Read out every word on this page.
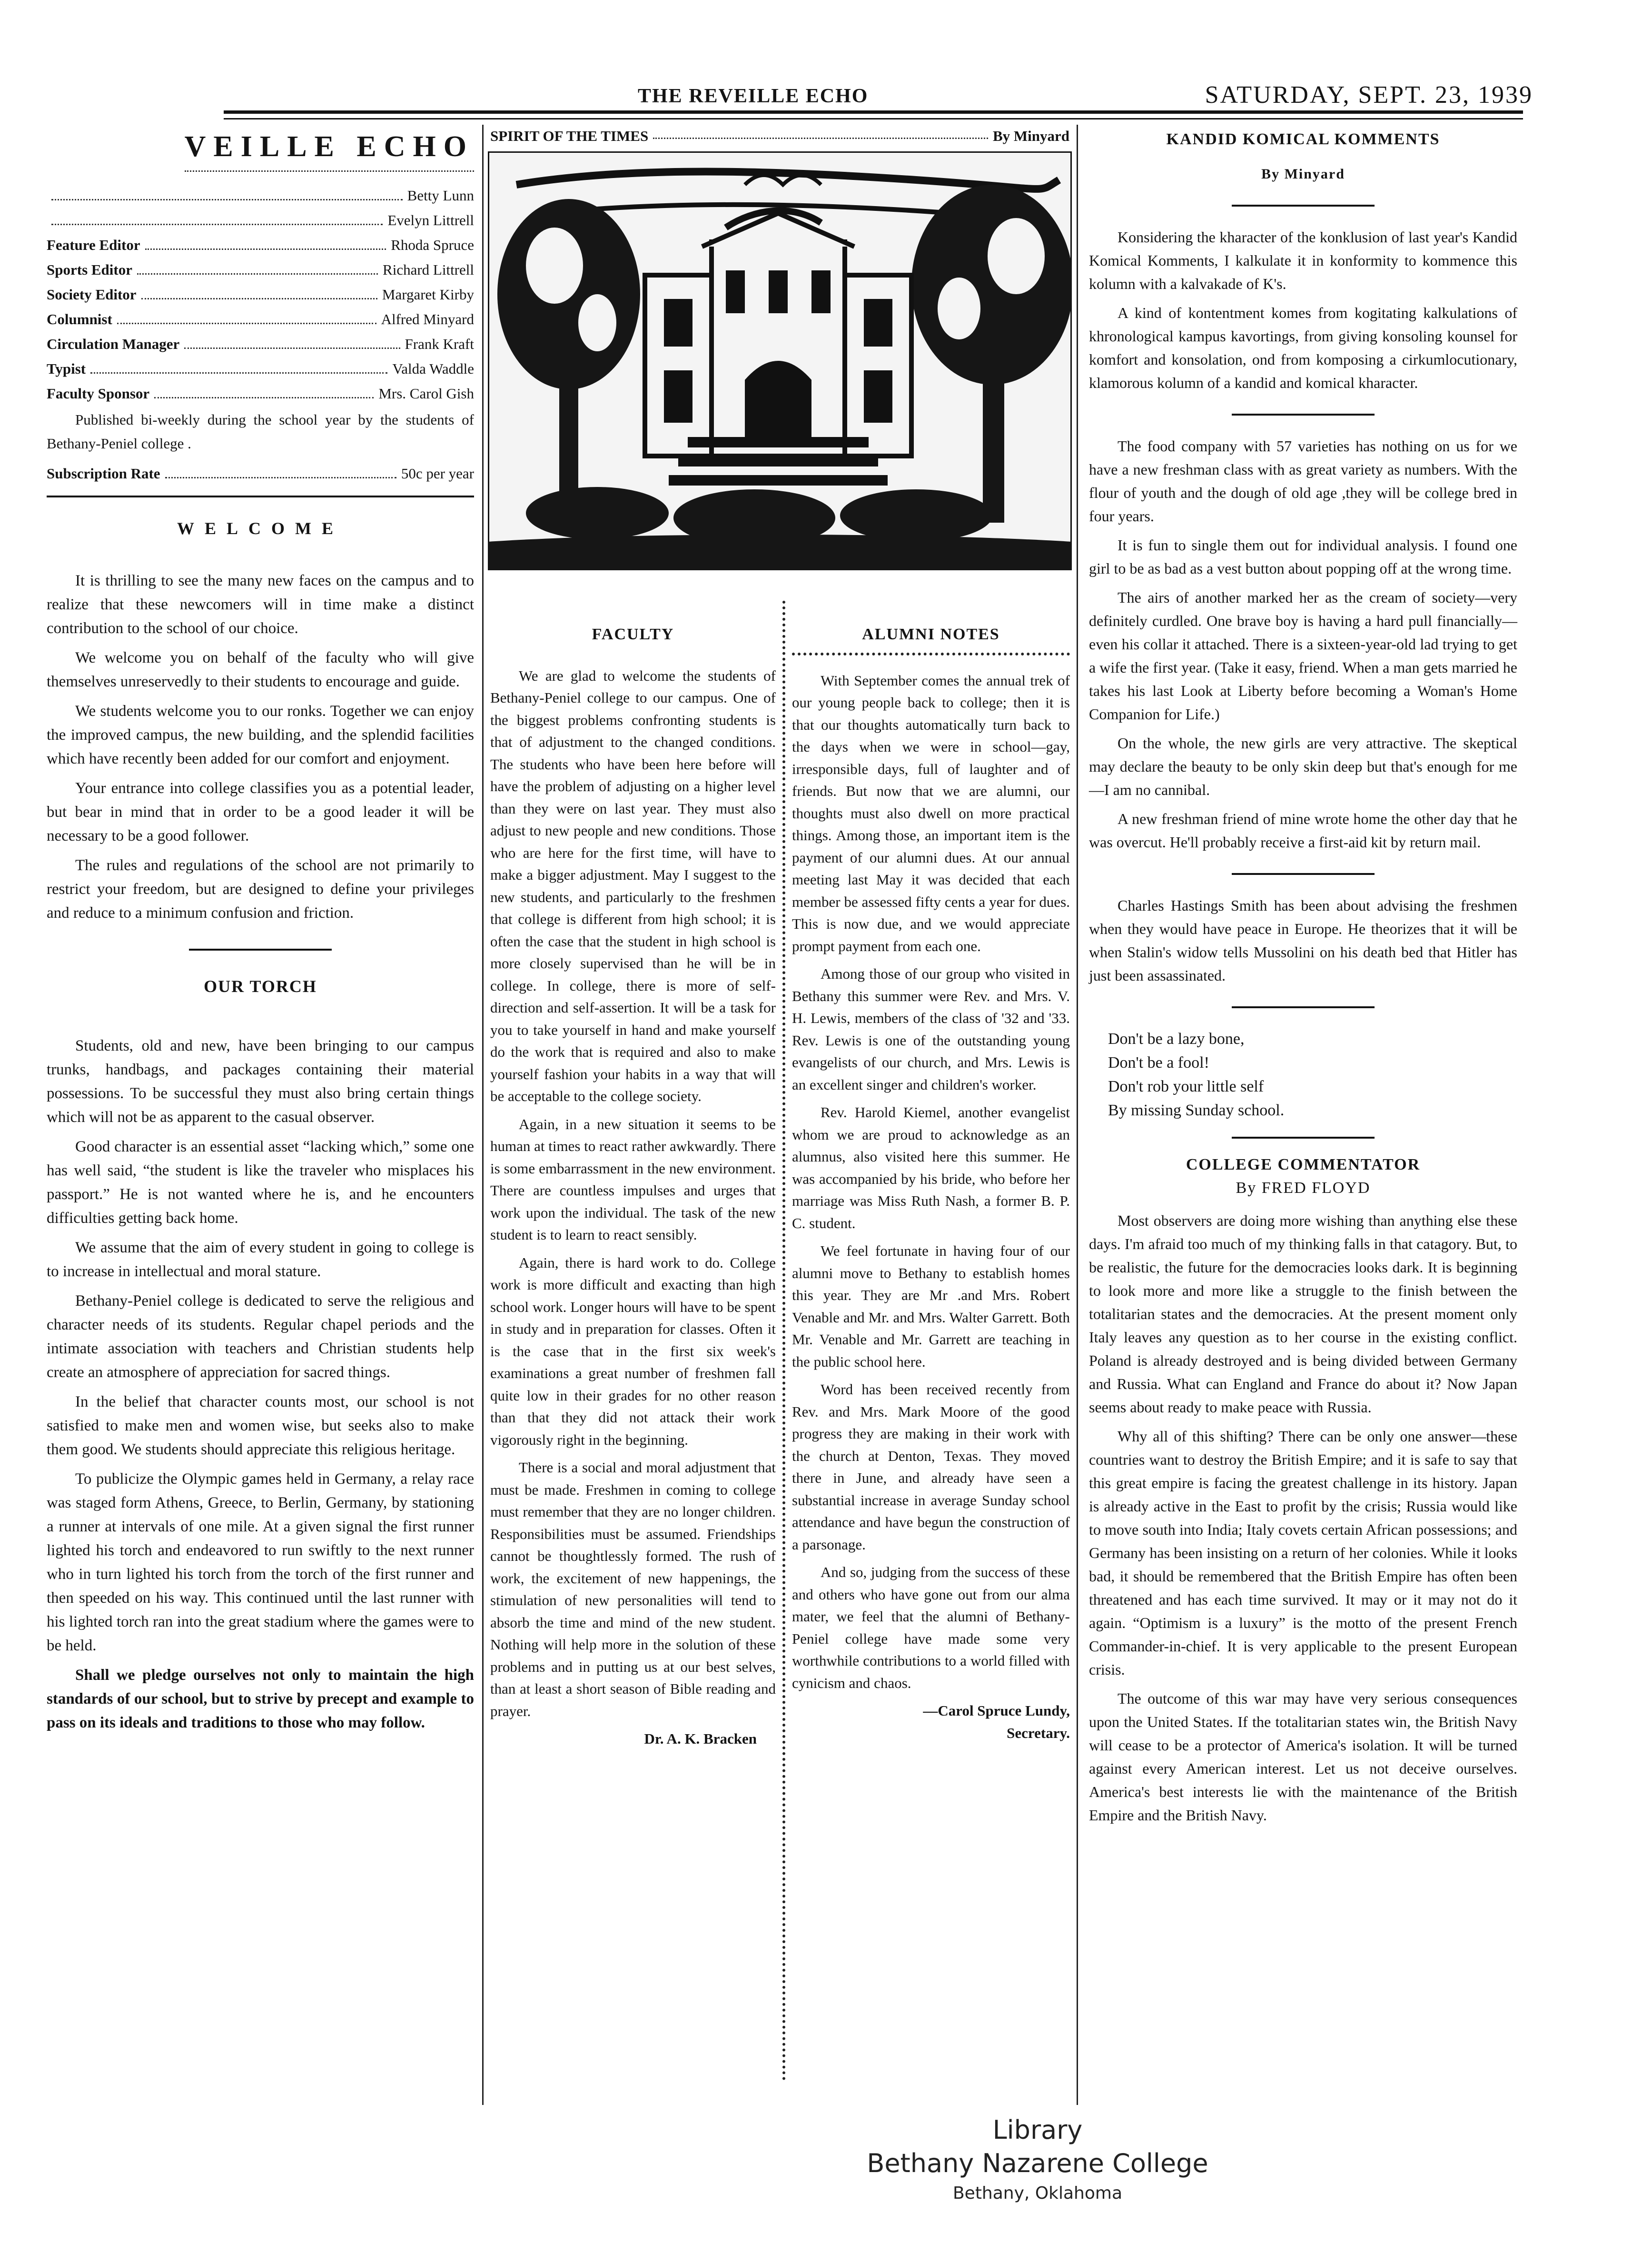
THE REVEILLE ECHO	SATURDAY, SEPT. 23, 1939
VEILLE ECHO
Betty Lunn
Evelyn Littrell
Feature Editor	Rhoda Spruce
Sports Editor	Richard Littrell
Society Editor	Margaret Kirby
Columnist	Alfred Minyard
Circulation Manager	Frank Kraft
Typist	Valda Waddle
Faculty Sponsor	Mrs. Carol Gish

Published bi-weekly during the school year by the students of Bethany-Peniel college .

Subscription Rate	50c per year
WELCOME

It is thrilling to see the many new faces on the campus and to realize that these newcomers will in time make a distinct contribution to the school of our choice.

We welcome you on behalf of the faculty who will give themselves unreservedly to their students to encourage and guide.

We students welcome you to our ronks. Together we can enjoy the improved campus, the new building, and the splendid facilities which have recently been added for our comfort and enjoyment.

Your entrance into college classifies you as a potential leader, but bear in mind that in order to be a good leader it will be necessary to be a good follower.

The rules and regulations of the school are not primarily to restrict your freedom, but are designed to define your privileges and reduce to a minimum confusion and friction.

OUR TORCH

Students, old and new, have been bringing to our campus trunks, handbags, and packages containing their material possessions. To be successful they must also bring certain things which will not be as apparent to the casual observer.

Good character is an essential asset “lacking which,” some one has well said, “the student is like the traveler who misplaces his passport.” He is not wanted where he is, and he encounters difficulties getting back home.

We assume that the aim of every student in going to college is to increase in intellectual and moral stature.

Bethany-Peniel college is dedicated to serve the religious and character needs of its students. Regular chapel periods and the intimate association with teachers and Christian students help create an atmosphere of appreciation for sacred things.

In the belief that character counts most, our school is not satisfied to make men and women wise, but seeks also to make them good. We students should appreciate this religious heritage.

To publicize the Olympic games held in Germany, a relay race was staged form Athens, Greece, to Berlin, Germany, by stationing a runner at intervals of one mile. At a given signal the first runner lighted his torch and endeavored to run swiftly to the next runner who in turn lighted his torch from the torch of the first runner and then speeded on his way. This continued until the last runner with his lighted torch ran into the great stadium where the games were to be held.

Shall we pledge ourselves not only to maintain the high standards of our school, but to strive by precept and example to pass on its ideals and traditions to those who may follow.

SPIRIT OF THE TIMES	By Minyard
FACULTY

We are glad to welcome the students of Bethany-Peniel college to our campus. One of the biggest problems confronting students is that of adjustment to the changed conditions. The students who have been here before will have the problem of adjusting on a higher level than they were on last year. They must also adjust to new people and new conditions. Those who are here for the first time, will have to make a bigger adjustment. May I suggest to the new students, and particularly to the freshmen that college is different from high school; it is often the case that the student in high school is more closely supervised than he will be in college. In college, there is more of self-direction and self-assertion. It will be a task for you to take yourself in hand and make yourself do the work that is required and also to make yourself fashion your habits in a way that will be acceptable to the college society.

Again, in a new situation it seems to be human at times to react rather awkwardly. There is some embarrassment in the new environment. There are countless impulses and urges that work upon the individual. The task of the new student is to learn to react sensibly.

Again, there is hard work to do. College work is more difficult and exacting than high school work. Longer hours will have to be spent in study and in preparation for classes. Often it is the case that in the first six week's examinations a great number of freshmen fall quite low in their grades for no other reason than that they did not attack their work vigorously right in the beginning.

There is a social and moral adjustment that must be made. Freshmen in coming to college must remember that they are no longer children. Responsibilities must be assumed. Friendships cannot be thoughtlessly formed. The rush of work, the excitement of new happenings, the stimulation of new personalities will tend to absorb the time and mind of the new student. Nothing will help more in the solution of these problems and in putting us at our best selves, than at least a short season of Bible reading and prayer.

Dr. A. K. Bracken
ALUMNI NOTES

With September comes the annual trek of our young people back to college; then it is that our thoughts automatically turn back to the days when we were in school—gay, irresponsible days, full of laughter and of friends. But now that we are alumni, our thoughts must also dwell on more practical things. Among those, an important item is the payment of our alumni dues. At our annual meeting last May it was decided that each member be assessed fifty cents a year for dues. This is now due, and we would appreciate prompt payment from each one.

Among those of our group who visited in Bethany this summer were Rev. and Mrs. V. H. Lewis, members of the class of '32 and '33. Rev. Lewis is one of the outstanding young evangelists of our church, and Mrs. Lewis is an excellent singer and children's worker.

Rev. Harold Kiemel, another evangelist whom we are proud to acknowledge as an alumnus, also visited here this summer. He was accompanied by his bride, who before her marriage was Miss Ruth Nash, a former B. P. C. student.

We feel fortunate in having four of our alumni move to Bethany to establish homes this year. They are Mr .and Mrs. Robert Venable and Mr. and Mrs. Walter Garrett. Both Mr. Venable and Mr. Garrett are teaching in the public school here.

Word has been received recently from Rev. and Mrs. Mark Moore of the good progress they are making in their work with the church at Denton, Texas. They moved there in June, and already have seen a substantial increase in average Sunday school attendance and have begun the construction of a parsonage.

And so, judging from the success of these and others who have gone out from our alma mater, we feel that the alumni of Bethany-Peniel college have made some very worthwhile contributions to a world filled with cynicism and chaos.

—Carol Spruce Lundy,
Secretary.
KANDID KOMICAL KOMMENTS
By Minyard

Konsidering the kharacter of the konklusion of last year's Kandid Komical Komments, I kalkulate it in konformity to kommence this kolumn with a kalvakade of K's.

A kind of kontentment komes from kogitating kalkulations of khronological kampus kavortings, from giving konsoling kounsel for komfort and konsolation, ond from komposing a cirkumlocutionary, klamorous kolumn of a kandid and komical kharacter.

The food company with 57 varieties has nothing on us for we have a new freshman class with as great variety as numbers. With the flour of youth and the dough of old age ,they will be college bred in four years.

It is fun to single them out for individual analysis. I found one girl to be as bad as a vest button about popping off at the wrong time.

The airs of another marked her as the cream of society—very definitely curdled. One brave boy is having a hard pull financially—even his collar it attached. There is a sixteen-year-old lad trying to get a wife the first year. (Take it easy, friend. When a man gets married he takes his last Look at Liberty before becoming a Woman's Home Companion for Life.)

On the whole, the new girls are very attractive. The skeptical may declare the beauty to be only skin deep but that's enough for me—I am no cannibal.

A new freshman friend of mine wrote home the other day that he was overcut. He'll probably receive a first-aid kit by return mail.

Charles Hastings Smith has been about advising the freshmen when they would have peace in Europe. He theorizes that it will be when Stalin's widow tells Mussolini on his death bed that Hitler has just been assassinated.

Don't be a lazy bone,
Don't be a fool!
Don't rob your little self
By missing Sunday school.
COLLEGE COMMENTATOR
By FRED FLOYD

Most observers are doing more wishing than anything else these days. I'm afraid too much of my thinking falls in that catagory. But, to be realistic, the future for the democracies looks dark. It is beginning to look more and more like a struggle to the finish between the totalitarian states and the democracies. At the present moment only Italy leaves any question as to her course in the existing conflict. Poland is already destroyed and is being divided between Germany and Russia. What can England and France do about it? Now Japan seems about ready to make peace with Russia.

Why all of this shifting? There can be only one answer—these countries want to destroy the British Empire; and it is safe to say that this great empire is facing the greatest challenge in its history. Japan is already active in the East to profit by the crisis; Russia would like to move south into India; Italy covets certain African possessions; and Germany has been insisting on a return of her colonies. While it looks bad, it should be remembered that the British Empire has often been threatened and has each time survived. It may or it may not do it again. “Optimism is a luxury” is the motto of the present French Commander-in-chief. It is very applicable to the present European crisis.

The outcome of this war may have very serious consequences upon the United States. If the totalitarian states win, the British Navy will cease to be a protector of America's isolation. It will be turned against every American interest. Let us not deceive ourselves. America's best interests lie with the maintenance of the British Empire and the British Navy.

Library
Bethany Nazarene College
Bethany, Oklahoma
